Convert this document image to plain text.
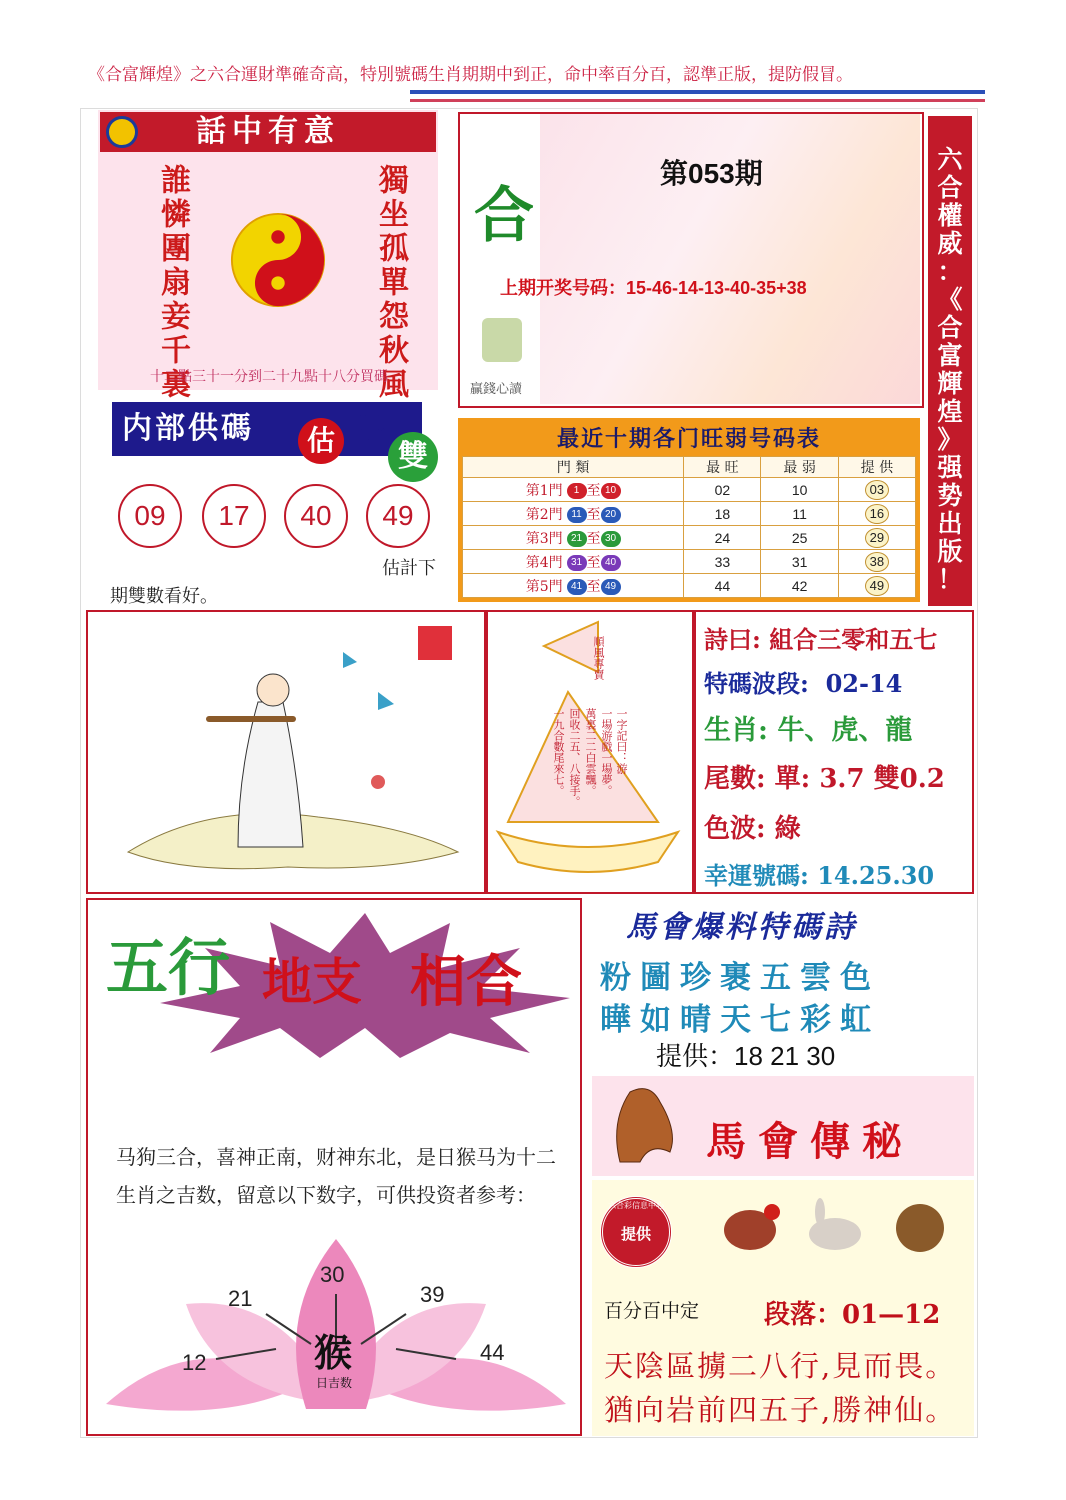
《合富輝煌》之六合運財準確奇高，特別號碼生肖期期中到正，命中率百分百，認準正版，提防假冒。
話中有意
誰憐團扇妾千裏	獨坐孤單怨秋風
十二點三十一分到二十九點十八分買碼
内部供碼	估 單
雙
09	17	40	49
估計下
期雙數看好。
合
第053期
上期开奖号码：15-46-14-13-40-35+38
贏錢心讀
六
合
權
威
：
《
合
富
輝
煌
》
强
势
出
版
！
最近十期各门旺弱号码表
門 類	最 旺	最 弱	提 供
第1門 1 至 10	02	10	03
第2門 11 至 20	18	11	16
第3門 21 至 30	24	25	29
第4門 31 至 40	33	31	38
第5門 41 至 49	44	42	49
順風專賣
一字記曰：游
一場游戲一場夢。
萬裏二二白雲飄。
回收二五、八接手。
一九合數尾來七。
詩曰: 組合三零和五七
特碼波段: 02-14
生肖: 牛、虎、龍
尾數: 單: 3.7 雙0.2
色波: 綠
幸運號碼: 14.25.30
五行 地支 相合
马狗三合，喜神正南，财神东北，是日猴马为十二生肖之吉数，留意以下数字，可供投资者参考：
30
21	39
12	44
猴
日吉数
馬會爆料特碼詩
粉圖珍裹五雲色
曄如晴天七彩虹
提供：18 21 30
馬會傳秘
提供
六合彩信息中心
百分百中定 段落：01—12
天陰區擄二八行,見而畏。
猶向岩前四五子,勝神仙。
